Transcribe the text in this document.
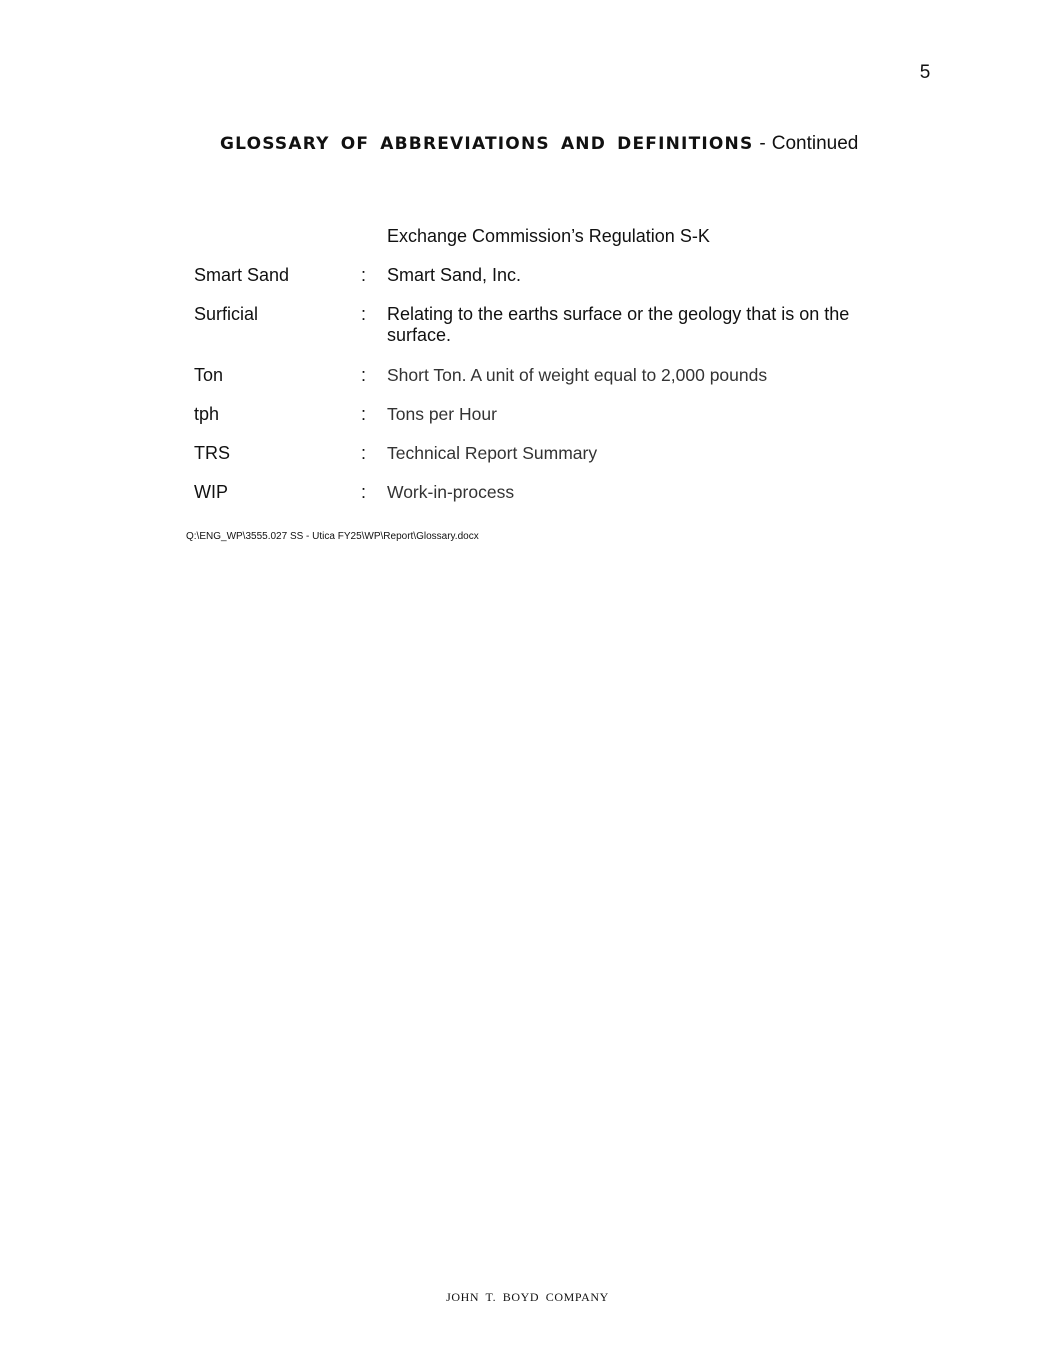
5
GLOSSARY OF ABBREVIATIONS AND DEFINITIONS - Continued
Exchange Commission’s Regulation S-K
Smart Sand	: Smart Sand, Inc.
Surficial	: Relating to the earths surface or the geology that is on the surface.
Ton	: Short Ton. A unit of weight equal to 2,000 pounds
tph	: Tons per Hour
TRS	: Technical Report Summary
WIP	: Work-in-process
Q:\ENG_WP\3555.027 SS - Utica FY25\WP\Report\Glossary.docx
JOHN T. BOYD COMPANY
